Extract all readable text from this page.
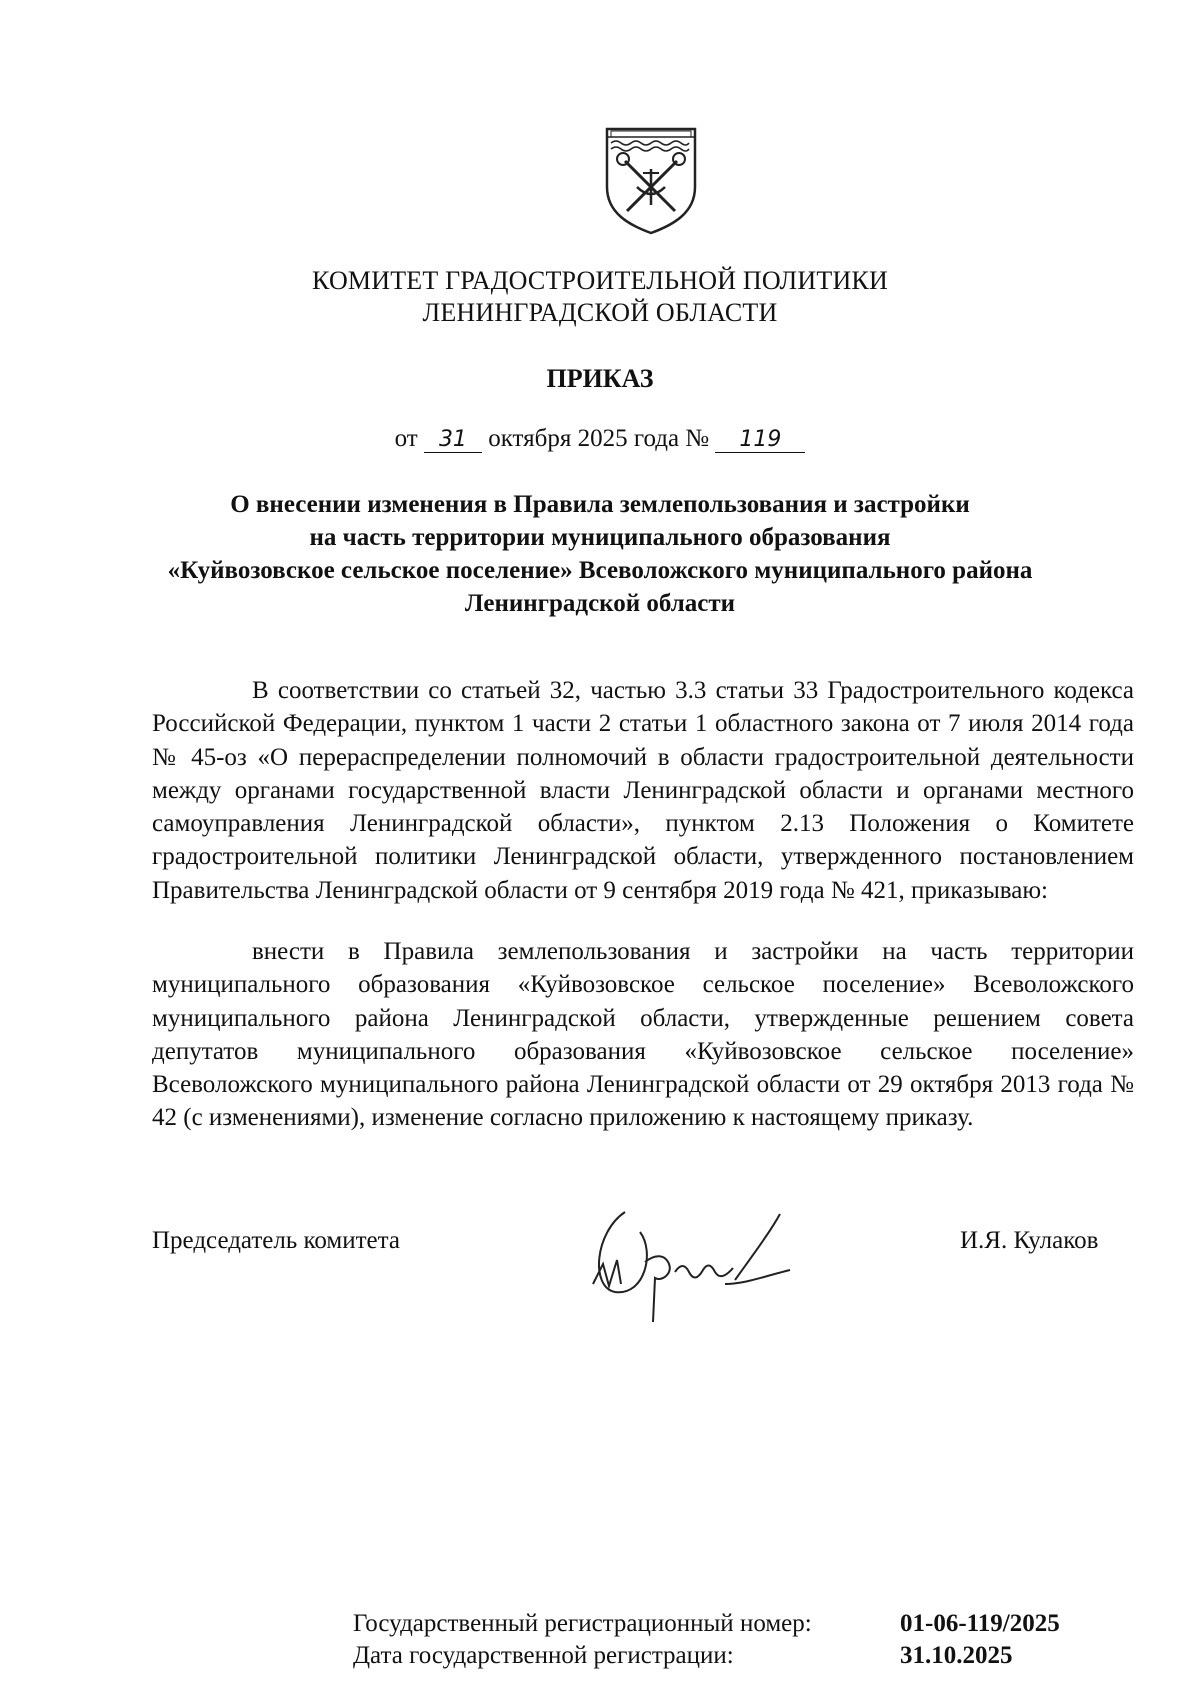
КОМИТЕТ ГРАДОСТРОИТЕЛЬНОЙ ПОЛИТИКИ
ЛЕНИНГРАДСКОЙ ОБЛАСТИ
ПРИКАЗ
от 31 октября 2025 года № 119
О внесении изменения в Правила землепользования и застройки
на часть территории муниципального образования
«Куйвозовское сельское поселение» Всеволожского муниципального района
Ленинградской области

В соответствии со статьей 32, частью 3.3 статьи 33 Градостроительного кодекса Российской Федерации, пунктом 1 части 2 статьи 1 областного закона от 7 июля 2014 года № 45-оз «О перераспределении полномочий в области градостроительной деятельности между органами государственной власти Ленинградской области и органами местного самоуправления Ленинградской области», пунктом 2.13 Положения о Комитете градостроительной политики Ленинградской области, утвержденного постановлением Правительства Ленинградской области от 9 сентября 2019 года № 421, приказываю:

внести в Правила землепользования и застройки на часть территории муниципального образования «Куйвозовское сельское поселение» Всеволожского муниципального района Ленинградской области, утвержденные решением совета депутатов муниципального образования «Куйвозовское сельское поселение» Всеволожского муниципального района Ленинградской области от 29 октября 2013 года № 42 (с изменениями), изменение согласно приложению к настоящему приказу.

Председатель комитета	И.Я. Кулаков
Государственный регистрационный номер:	01-06-119/2025
Дата государственной регистрации:	31.10.2025
